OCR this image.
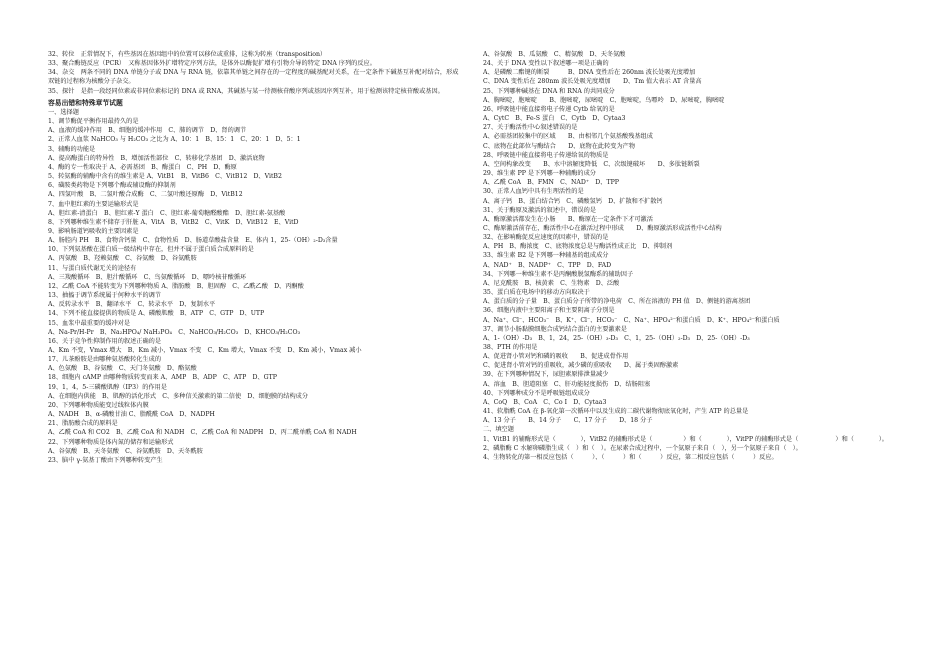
32、转位　正常情况下，有些基因在基因组中的位置可以移位或重排，这称为转座（transposition）
33、聚合酶链反应（PCR）　又称基因体外扩增特定序列方法，是体外以酶促扩增有引物介导的特定 DNA 序列的反应。
34、杂交　两条不同的 DNA 单链分子或 DNA 与 RNA 链，依靠其单链之间存在的一定程度的碱基配对关系，在一定条件下碱基互补配对结合，形成双链的过程称为核酸分子杂交。
35、探针　是指一段经同位素或非同位素标记的 DNA 或 RNA，其碱基与某一待测核苷酸序列或基因序列互补，用于检测该特定核苷酸或基因。
容易出错和特殊章节试题
一、选择题
1、调节酶促平衡作用最持久的是
A、血液的缓冲作用　B、细胞的缓冲作用　C、肺的调节　D、肾的调节
2、正常人血浆 NaHCO₃ 与 H₂CO₃ 之比为 A、10：1　B、15：1　C、20：1　D、5：1
3、辅酶的功能是
A、提高酶蛋白的特异性　B、增加活性部位　C、转移化学基团　D、激活底物
4、酶的专一性取决于 A、必需基团　B、酶蛋白　C、PH　D、酶原
5、转氨酶的辅酶中含有的维生素是 A、VitB1　B、VitB6　C、VitB12　D、VitB2
6、磺胺类药物是下列哪个酶或辅设酶的抑制剂
A、四氢叶酸　B、二氢叶酸合成酶　C、二氢叶酸还原酶　D、VitB12
7、血中胆红素的主要运输形式是
A、胆红素-清蛋白　B、胆红素-Y 蛋白　C、胆红素-葡萄糖醛酸酯　D、胆红素-氨基酸
8、下列哪种维生素不储存于肝脏 A、VitA　B、VitB2　C、VitK　D、VitB12　E、VitD
9、影响肠道钙吸收的主要因素是
A、肠腔内 PH　B、食物含钙量　C、食物性质　D、肠道草酸盐含量　E、体内 1，25-（OH）₂-D₃含量
10、下列氨基酸在蛋白质一级结构中存在，但并不属于蛋白质合成原料的是
A、丙氨酸　B、羟赖氨酸　C、谷氨酸　D、谷氨酰胺
11、与蛋白质代谢无关的途径有
A、三羧酸循环　B、胆汁酸循环　C、鸟氨酸循环　D、嘌呤核苷酸循环
12、乙酰 CoA 不能转变为下列哪种物质 A、脂肪酸　B、胆固醇　C、乙酰乙酸　D、丙酮酸
13、抽搐于调节系统属于何种水平的调节
A、反转录水平　B、翻译水平　C、转录水平　D、复制水平
14、下列不能直接提供的物质是 A、磷酸肌酸　B、ATP　C、GTP　D、UTP
15、血浆中最重要的缓冲对是
A、Na-Pr/H-Pr　B、Na₂HPO₄/ NaH₂PO₄　C、NaHCO₃/H₂CO₃　D、KHCO₃/H₂CO₃
16、关于竞争性抑制作用的叙述正确的是
A、Km 不变，Vmax 增大　B、Km 减小，Vmax 不变　C、Km 增大，Vmax 不变　D、Km 减小，Vmax 减小
17、儿茶酚胺是由哪种氨基酸转化生成的
A、色氨酸　B、谷氨酸　C、天门冬氨酸　D、酪氨酸
18、细胞内 cAMP 由哪种物质转变而来 A、AMP　B、ADP　C、ATP　D、GTP
19、1，4，5-三磷酸肌醇（IP3）的作用是
A、在细胞内供能　B、肌醇的活化形式　C、多种信关激素的第二信使　D、细胞膜的结构成分
20、下列哪种物质能变过线粒体内膜
A、NADH　B、α-磷酸甘油 C、脂酰酰 CoA　D、NADPH
21、脂肪酸合成的原料是
A、乙酰 CoA 和 CO2　B、乙酰 CoA 和 NADH　C、乙酰 CoA 和 NADPH　D、丙二酰单酰 CoA 和 NADH
22、下列哪种物质是体内氮的储存和运输形式
A、谷氨酸　B、天冬氨酸　C、谷氨酰胺　D、天冬酰胺
23、脑中 γ-氨基丁酸由下列哪种转变产生
A、谷氨酸　B、瓜氨酸　C、精氨酸　D、天冬氨酸
24、关于 DNA 变性以下叙述哪一项是正确的
A、是磷酸二酯键的断裂　　　B、DNA 变性后在 260nm 波长处吸光度增加
C、DNA 变性后在 280nm 波长处吸光度增加　　D、Tm 值大表示 AT 含量高
25、下列哪种碱基在 DNA 和 RNA 的共同成分
A、胸嘧啶，胞嘧啶　　B、胞嘧啶，尿嘧啶　C、胞嘧啶，鸟嘌呤　D、尿嘧啶，胸嘧啶
26、呼吸链中能直接将电子传递 Cytb 给氧的是
A、CytC　B、Fe-S 蛋白　C、Cytb　D、Cytaa3
27、关于酶活性中心叙述错误的是
A、必需基团较集中的区域　　B、由相邻几个氨基酸残基组成
C、底物在此部位与酶结合　　D、底物在此转变为产物
28、呼吸链中能直接将电子传递给氧的物质是
A、空间构象改变　　B、水中溶解度降低　C、次级键破坏　　D、多肽链断裂
29、维生素 PP 是下列哪一种辅酶的成分
A、乙酰 CoA　B、FMN　C、NAD⁺　D、TPP
30、正常人血钙中具有生理活性的是
A、离子钙　B、蛋白结合钙　C、磷酸氢钙　D、扩散和不扩散钙
31、关于酶原及激活的叙述中，错误的是
A、酶原激活都发生在小肠　　B、酶原在一定条件下才可激活
C、酶原激活前存在，酶活性中心在激活过程中形成　　D、酶原激活形成活性中心结构
32、在影响酶促反应速度的因素中，错误的是
A、PH　B、酶浓度　C、底物浓度总是与酶活性成正比　D、抑制剂
33、维生素 B2 是下列哪一种辅基的组成成分
A、NAD⁺　B、NADP⁺　C、TPP　D、FAD
34、下列哪一种维生素不是丙酮酸脱氢酶系的辅助因子
A、尼克酰胺　B、核黄素　C、生物素　D、泛酸
35、蛋白质在电场中的移动方向取决于
A、蛋白质的分子量　B、蛋白质分子所带的净电荷　C、所在溶液的 PH 值　D、侧链的游离基团
36、细胞内液中主要阳离子和主要阴离子分别是
A、Na⁺、Cl⁻、HCO₃⁻　B、K⁺、Cl⁻、HCO₃⁻　C、Na⁺、HPO₄²⁻和蛋白质　D、K⁺、HPO₄²⁻和蛋白质
37、调节小肠黏膜细胞合成钙结合蛋白的主要激素是
A、1-（OH）-D₃　B、1，24，25-（OH）₃-D₃　C、1，25-（OH）₂-D₃　D、25-（OH）-D₃
38、PTH 的作用是
A、促进肾小管对钙和磷的吸收　　B、促进成骨作用
C、促进肾小管对钙的重吸收，减少磷的重吸收　　D、属于类固醇激素
39、在下列哪种情况下，尿胆素原排泄量减少
A、溶血　B、胆道阻塞　C、肝功能轻度损伤　D、结肠阻塞
40、下列哪种成分不是呼吸链组成成分
A、CoQ　B、CoA　C、Co Ⅰ　D、Cytaa3
41、软脂酰 CoA 在 β-氧化第一次循环中以及生成的二碳代谢物彻底氧化时，产生 ATP 的总量是
A、13 分子　　B、14 分子　　C、17 分子　　D、18 分子
二、填空题
1、VitB1 的辅酶形式是（　　　　），VitB2 的辅酶形式是（　　　　　）和（　　　　），VitPP 的辅酶形式是（　　　　　　）和（　　　　）。
2、磷脂酶 C 水解卵磷脂生成（　）和（　）。在尿素合成过程中，一个氨原子来自（　），另一个氨原子来自（　）。
4、生物转化的第一相反应包括（　　　）、（　　　）和（　　　）反应，第二相反应包括（　　　）反应。
